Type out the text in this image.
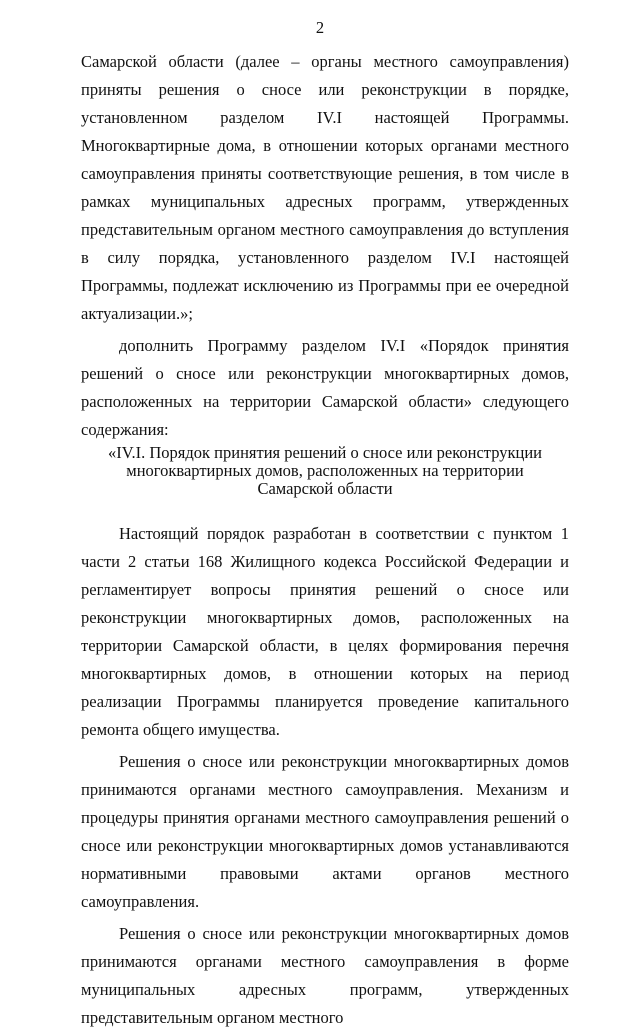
2

Самарской области (далее – органы местного самоуправления) приняты решения о сносе или реконструкции в порядке, установленном разделом IV.I настоящей Программы. Многоквартирные дома, в отношении которых органами местного самоуправления приняты соответствующие решения, в том числе в рамках муниципальных адресных программ, утвержденных представительным органом местного самоуправления до вступления в силу порядка, установленного разделом IV.I настоящей Программы, подлежат исключению из Программы при ее очередной актуализации.»;

дополнить Программу разделом IV.I «Порядок принятия решений о сносе или реконструкции многоквартирных домов, расположенных на территории Самарской области» следующего содержания:

«IV.I. Порядок принятия решений о сносе или реконструкции
многоквартирных домов, расположенных на территории
Самарской области

Настоящий порядок разработан в соответствии с пунктом 1 части 2 статьи 168 Жилищного кодекса Российской Федерации и регламентирует вопросы принятия решений о сносе или реконструкции многоквартирных домов, расположенных на территории Самарской области, в целях формирования перечня многоквартирных домов, в отношении которых на период реализации Программы планируется проведение капитального ремонта общего имущества.

Решения о сносе или реконструкции многоквартирных домов принимаются органами местного самоуправления. Механизм и процедуры принятия органами местного самоуправления решений о сносе или реконструкции многоквартирных домов устанавливаются нормативными правовыми актами органов местного самоуправления.

Решения о сносе или реконструкции многоквартирных домов принимаются органами местного самоуправления в форме муниципальных адресных программ, утвержденных представительным органом местного
